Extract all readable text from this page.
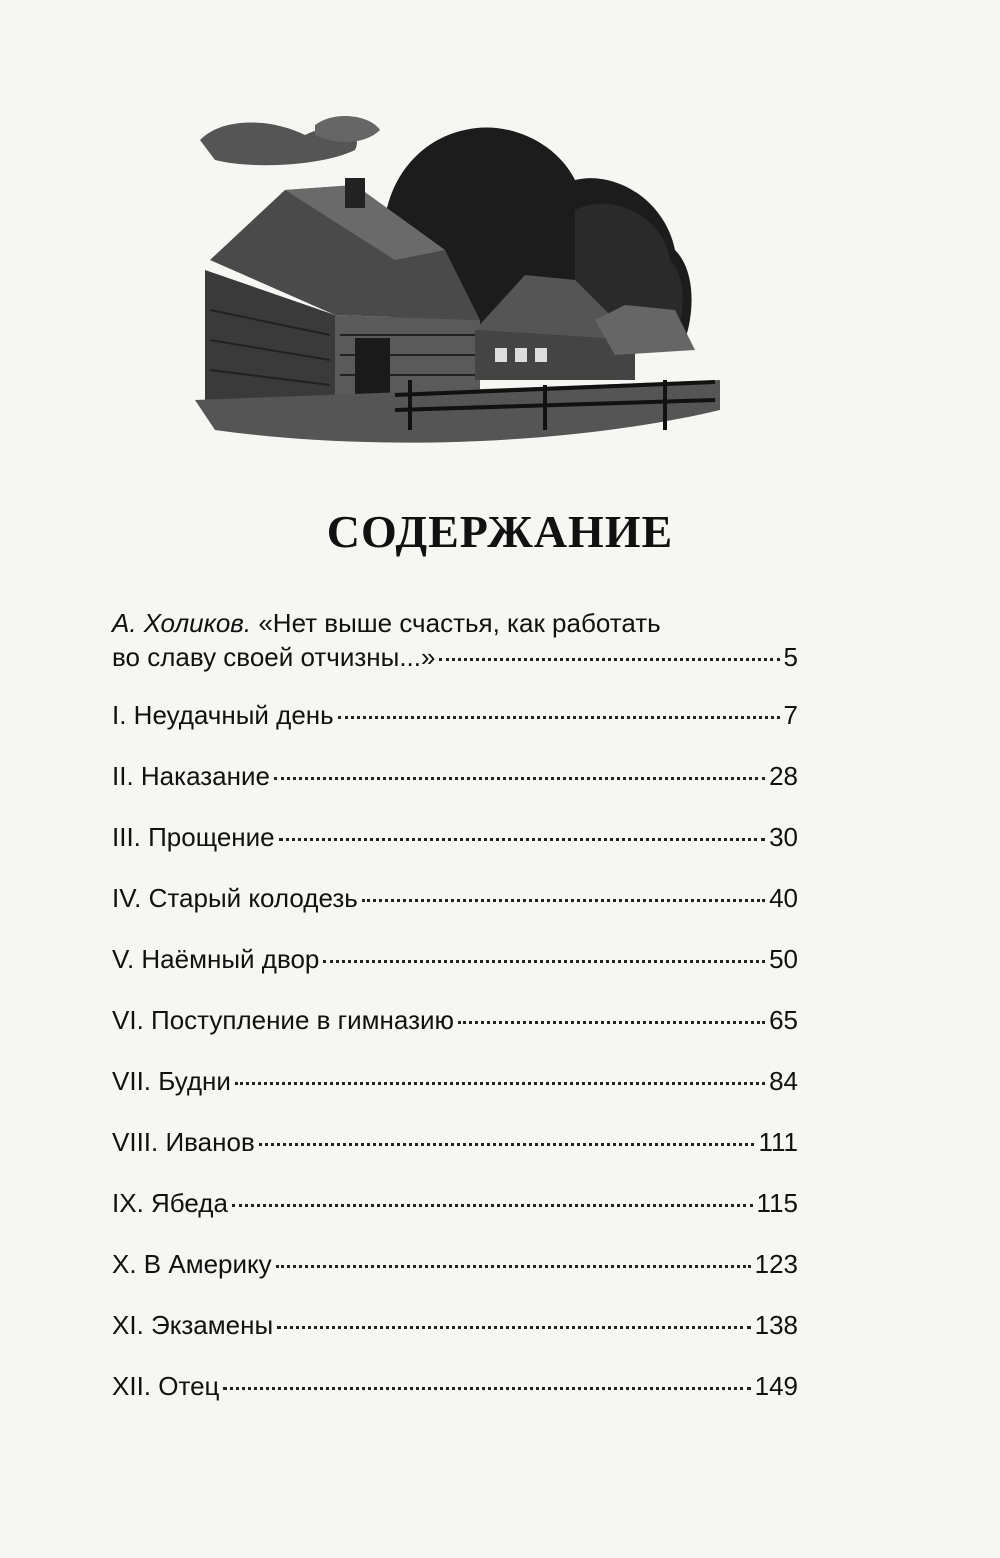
СОДЕРЖАНИЕ
А. Холиков. «Нет выше счастья, как работать
во славу своей отчизны...»	5
I. Неудачный день	7
II. Наказание	28
III. Прощение	30
IV. Старый колодезь	40
V. Наёмный двор	50
VI. Поступление в гимназию	65
VII. Будни	84
VIII. Иванов	111
IX. Ябеда	115
X. В Америку	123
XI. Экзамены	138
XII. Отец	149
